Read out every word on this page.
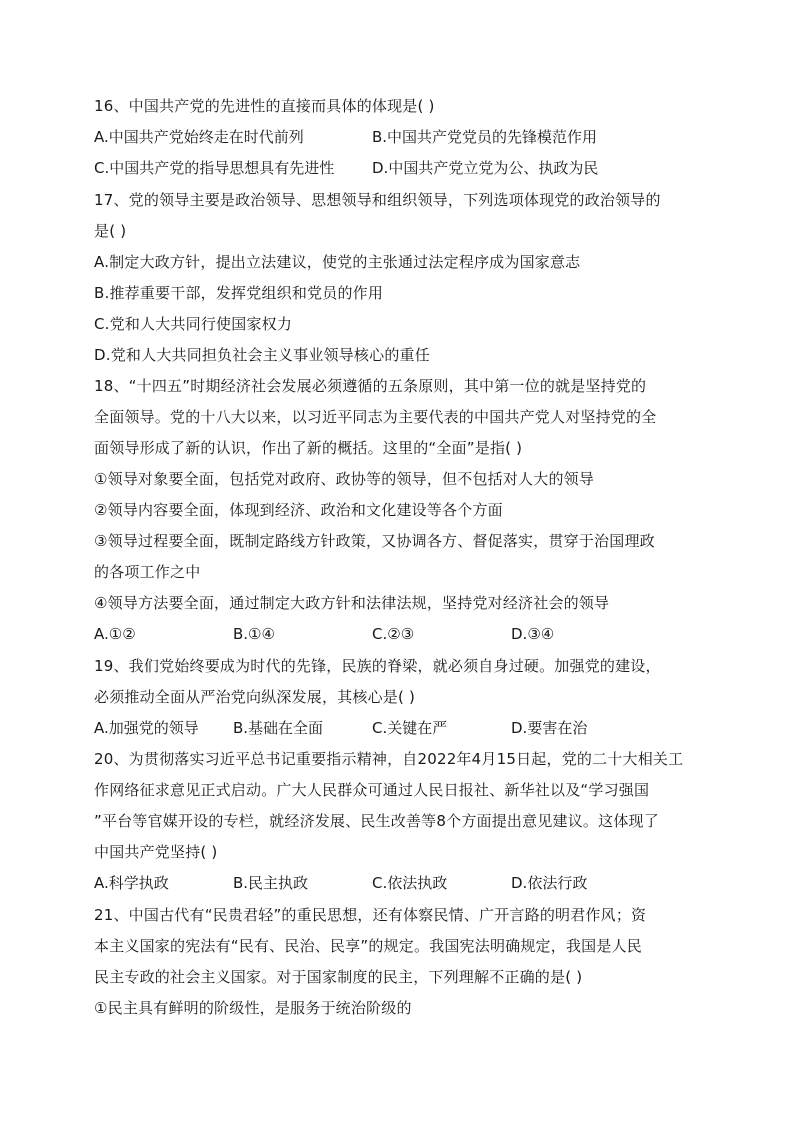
16、中国共产党的先进性的直接而具体的体现是( )
A.中国共产党始终走在时代前列	B.中国共产党党员的先锋模范作用
C.中国共产党的指导思想具有先进性	D.中国共产党立党为公、执政为民
17、党的领导主要是政治领导、思想领导和组织领导，下列选项体现党的政治领导的
是( )
A.制定大政方针，提出立法建议，使党的主张通过法定程序成为国家意志
B.推荐重要干部，发挥党组织和党员的作用
C.党和人大共同行使国家权力
D.党和人大共同担负社会主义事业领导核心的重任
18、“十四五”时期经济社会发展必须遵循的五条原则，其中第一位的就是坚持党的
全面领导。党的十八大以来，以习近平同志为主要代表的中国共产党人对坚持党的全
面领导形成了新的认识，作出了新的概括。这里的“全面”是指( )
①领导对象要全面，包括党对政府、政协等的领导，但不包括对人大的领导
②领导内容要全面，体现到经济、政治和文化建设等各个方面
③领导过程要全面，既制定路线方针政策，又协调各方、督促落实，贯穿于治国理政
的各项工作之中
④领导方法要全面，通过制定大政方针和法律法规，坚持党对经济社会的领导
A.①②	B.①④	C.②③	D.③④
19、我们党始终要成为时代的先锋，民族的脊梁，就必须自身过硬。加强党的建设，
必须推动全面从严治党向纵深发展，其核心是( )
A.加强党的领导 B.基础在全面	C.关键在严	D.要害在治
20、为贯彻落实习近平总书记重要指示精神，自2022年4月15日起，党的二十大相关工
作网络征求意见正式启动。广大人民群众可通过人民日报社、新华社以及“学习强国
”平台等官媒开设的专栏，就经济发展、民生改善等8个方面提出意见建议。这体现了
中国共产党坚持( )
A.科学执政	B.民主执政	C.依法执政	D.依法行政
21、中国古代有“民贵君轻”的重民思想，还有体察民情、广开言路的明君作风；资
本主义国家的宪法有“民有、民治、民享”的规定。我国宪法明确规定，我国是人民
民主专政的社会主义国家。对于国家制度的民主，下列理解不正确的是( )
①民主具有鲜明的阶级性，是服务于统治阶级的
